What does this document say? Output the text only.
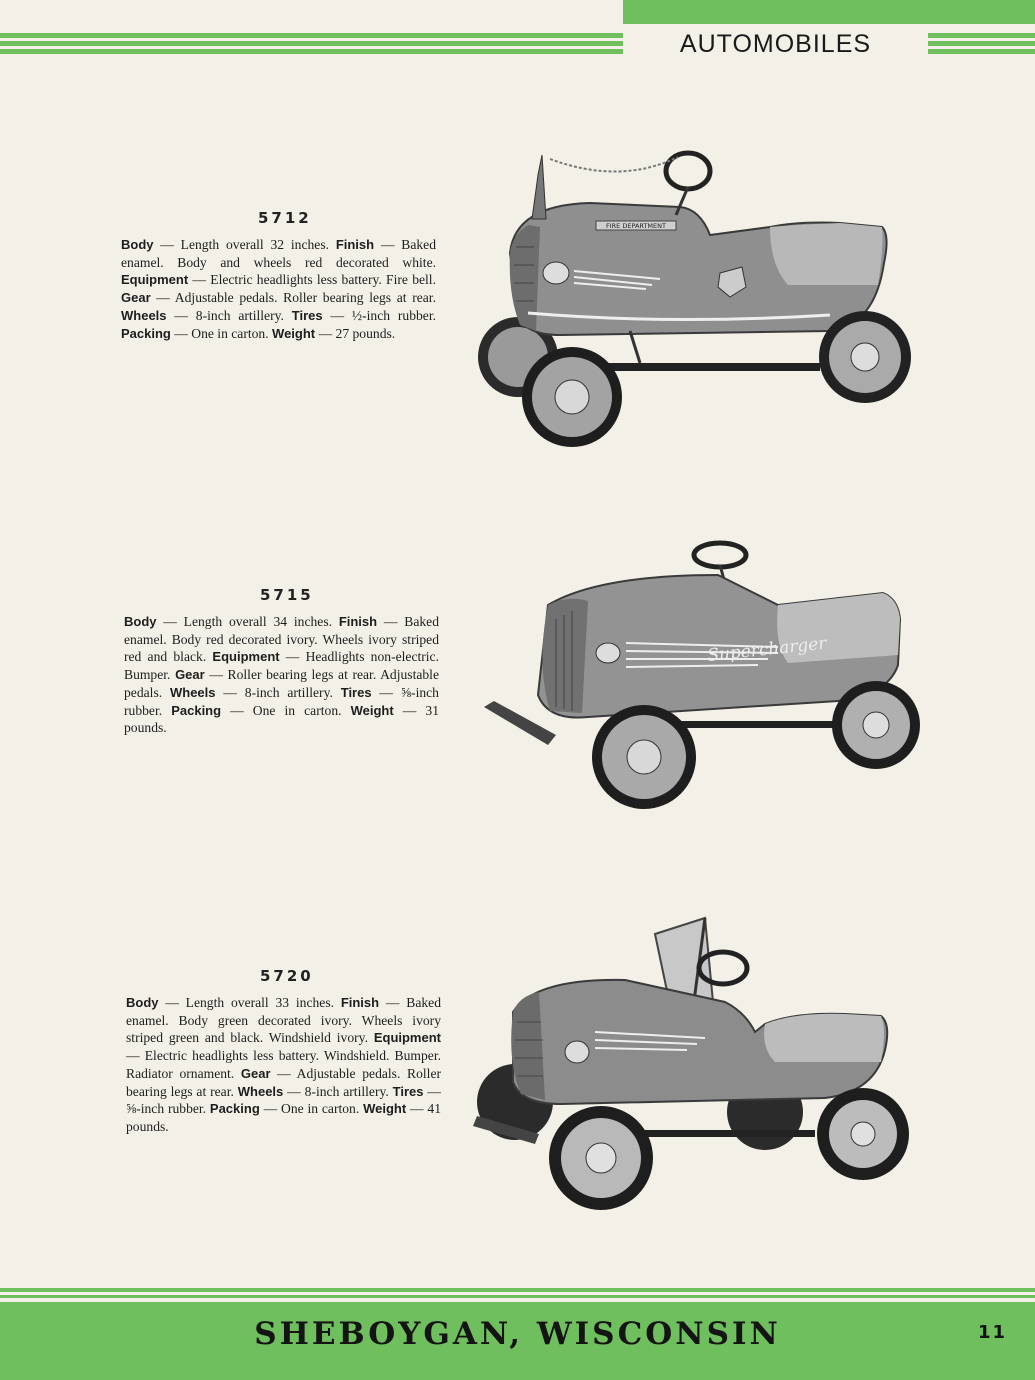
AUTOMOBILES
5712
Body — Length overall 32 inches. Finish — Baked enamel. Body and wheels red decorated white. Equipment — Electric headlights less battery. Fire bell. Gear — Adjustable pedals. Roller bearing legs at rear. Wheels — 8-inch artillery. Tires — ½-inch rubber. Packing — One in carton. Weight — 27 pounds.
FIRE DEPARTMENT
5715
Body — Length overall 34 inches. Finish — Baked enamel. Body red decorated ivory. Wheels ivory striped red and black. Equipment — Headlights non-electric. Bumper. Gear — Roller bearing legs at rear. Adjustable pedals. Wheels — 8-inch artillery. Tires — ⅝-inch rubber. Packing — One in carton. Weight — 31 pounds.
Supercharger
5720
Body — Length overall 33 inches. Finish — Baked enamel. Body green decorated ivory. Wheels ivory striped green and black. Windshield ivory. Equipment — Electric headlights less battery. Windshield. Bumper. Radiator ornament. Gear — Adjustable pedals. Roller bearing legs at rear. Wheels — 8-inch artillery. Tires — ⅝-inch rubber. Packing — One in carton. Weight — 41 pounds.
SHEBOYGAN, WISCONSIN	11
